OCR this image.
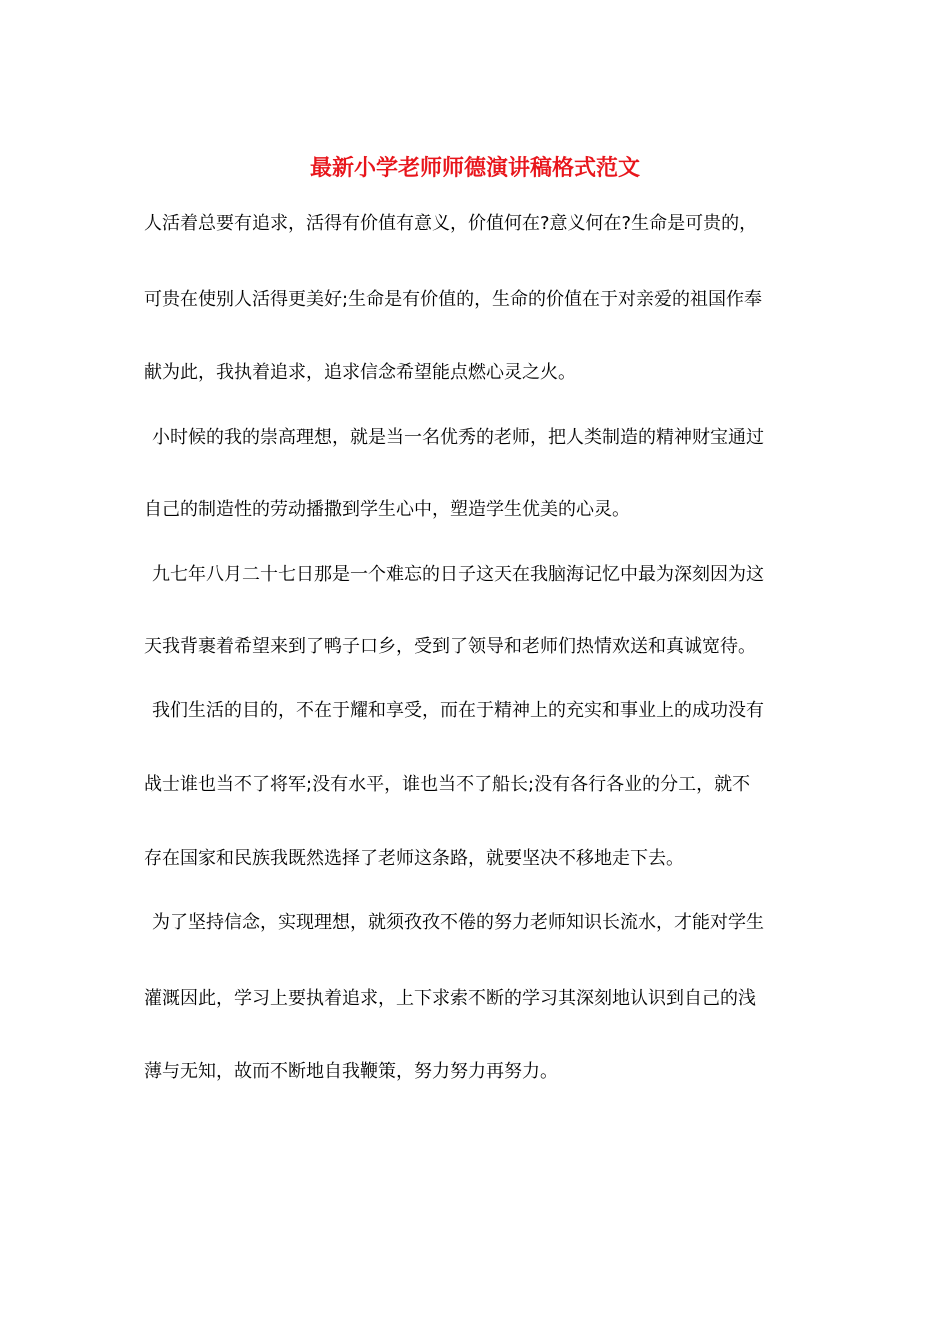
最新小学老师师德演讲稿格式范文

人活着总要有追求，活得有价值有意义，价值何在?意义何在?生命是可贵的，

可贵在使别人活得更美好;生命是有价值的，生命的价值在于对亲爱的祖国作奉

献为此，我执着追求，追求信念希望能点燃心灵之火。

小时候的我的崇高理想，就是当一名优秀的老师，把人类制造的精神财宝通过

自己的制造性的劳动播撒到学生心中，塑造学生优美的心灵。

九七年八月二十七日那是一个难忘的日子这天在我脑海记忆中最为深刻因为这

天我背裹着希望来到了鸭子口乡，受到了领导和老师们热情欢送和真诚宽待。

我们生活的目的，不在于耀和享受，而在于精神上的充实和事业上的成功没有

战士谁也当不了将军;没有水平，谁也当不了船长;没有各行各业的分工，就不

存在国家和民族我既然选择了老师这条路，就要坚决不移地走下去。

为了坚持信念，实现理想，就须孜孜不倦的努力老师知识长流水，才能对学生

灌溉因此，学习上要执着追求，上下求索不断的学习其深刻地认识到自己的浅

薄与无知，故而不断地自我鞭策，努力努力再努力。
